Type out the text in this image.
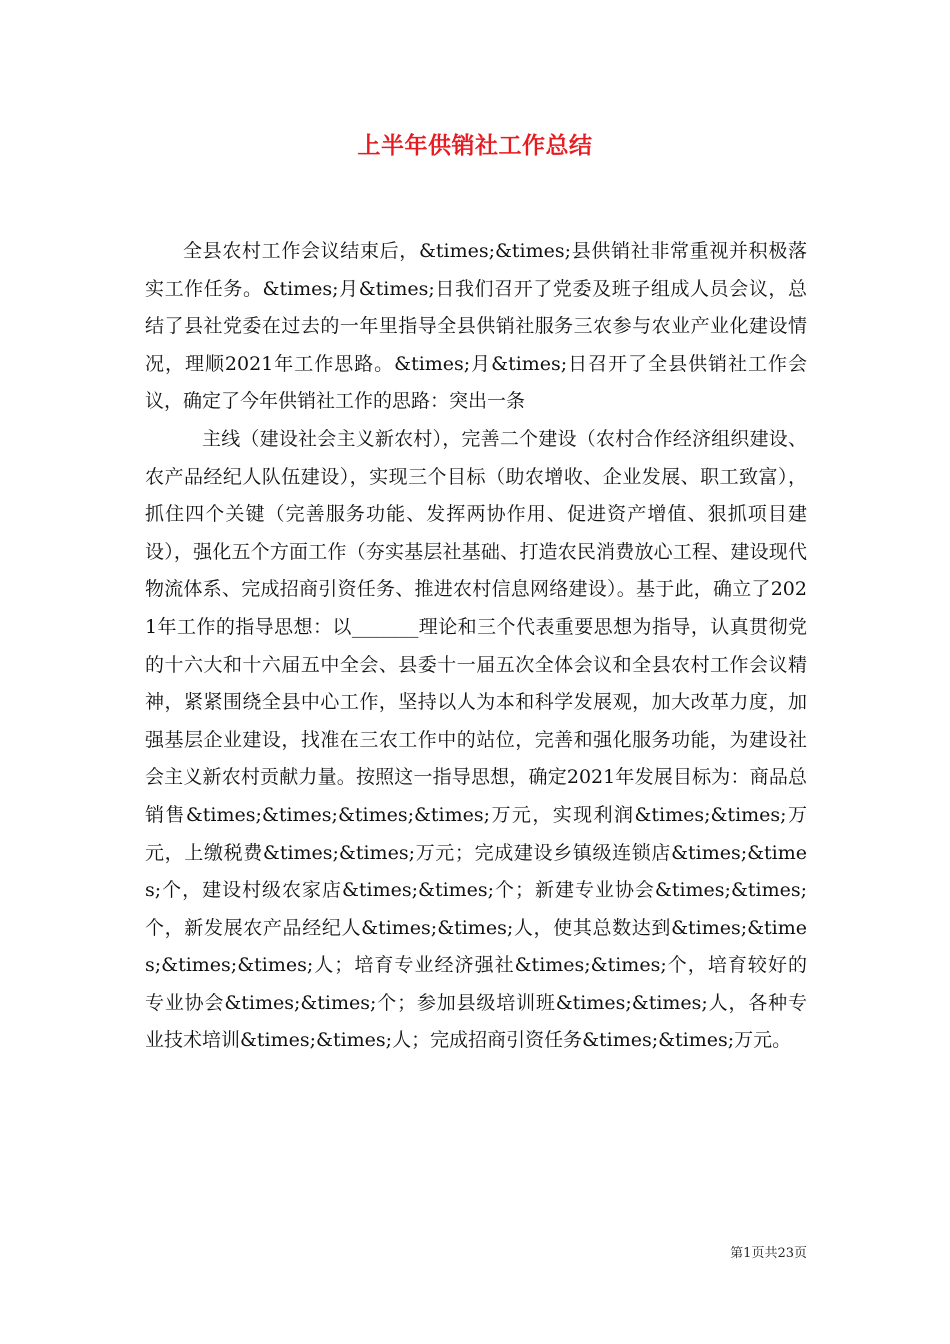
上半年供销社工作总结

全县农村工作会议结束后，&times;&times;县供销社非常重视并积极落实工作任务。&times;月&times;日我们召开了党委及班子组成人员会议，总结了县社党委在过去的一年里指导全县供销社服务三农参与农业产业化建设情况，理顺2021年工作思路。&times;月&times;日召开了全县供销社工作会议，确定了今年供销社工作的思路：突出一条

主线（建设社会主义新农村），完善二个建设（农村合作经济组织建设、农产品经纪人队伍建设），实现三个目标（助农增收、企业发展、职工致富），抓住四个关键（完善服务功能、发挥两协作用、促进资产增值、狠抓项目建设），强化五个方面工作（夯实基层社基础、打造农民消费放心工程、建设现代物流体系、完成招商引资任务、推进农村信息网络建设）。基于此，确立了2021年工作的指导思想：以_______理论和三个代表重要思想为指导，认真贯彻党的十六大和十六届五中全会、县委十一届五次全体会议和全县农村工作会议精神，紧紧围绕全县中心工作，坚持以人为本和科学发展观，加大改革力度，加强基层企业建设，找准在三农工作中的站位，完善和强化服务功能，为建设社会主义新农村贡献力量。按照这一指导思想，确定2021年发展目标为：商品总销售&times;&times;&times;&times;万元，实现利润&times;&times;万元，上缴税费&times;&times;万元；完成建设乡镇级连锁店&times;&times;个，建设村级农家店&times;&times;个；新建专业协会&times;&times;个，新发展农产品经纪人&times;&times;人，使其总数达到&times;&times;&times;&times;人；培育专业经济强社&times;&times;个，培育较好的专业协会&times;&times;个；参加县级培训班&times;&times;人，各种专业技术培训&times;&times;人；完成招商引资任务&times;&times;万元。

第1页共23页
